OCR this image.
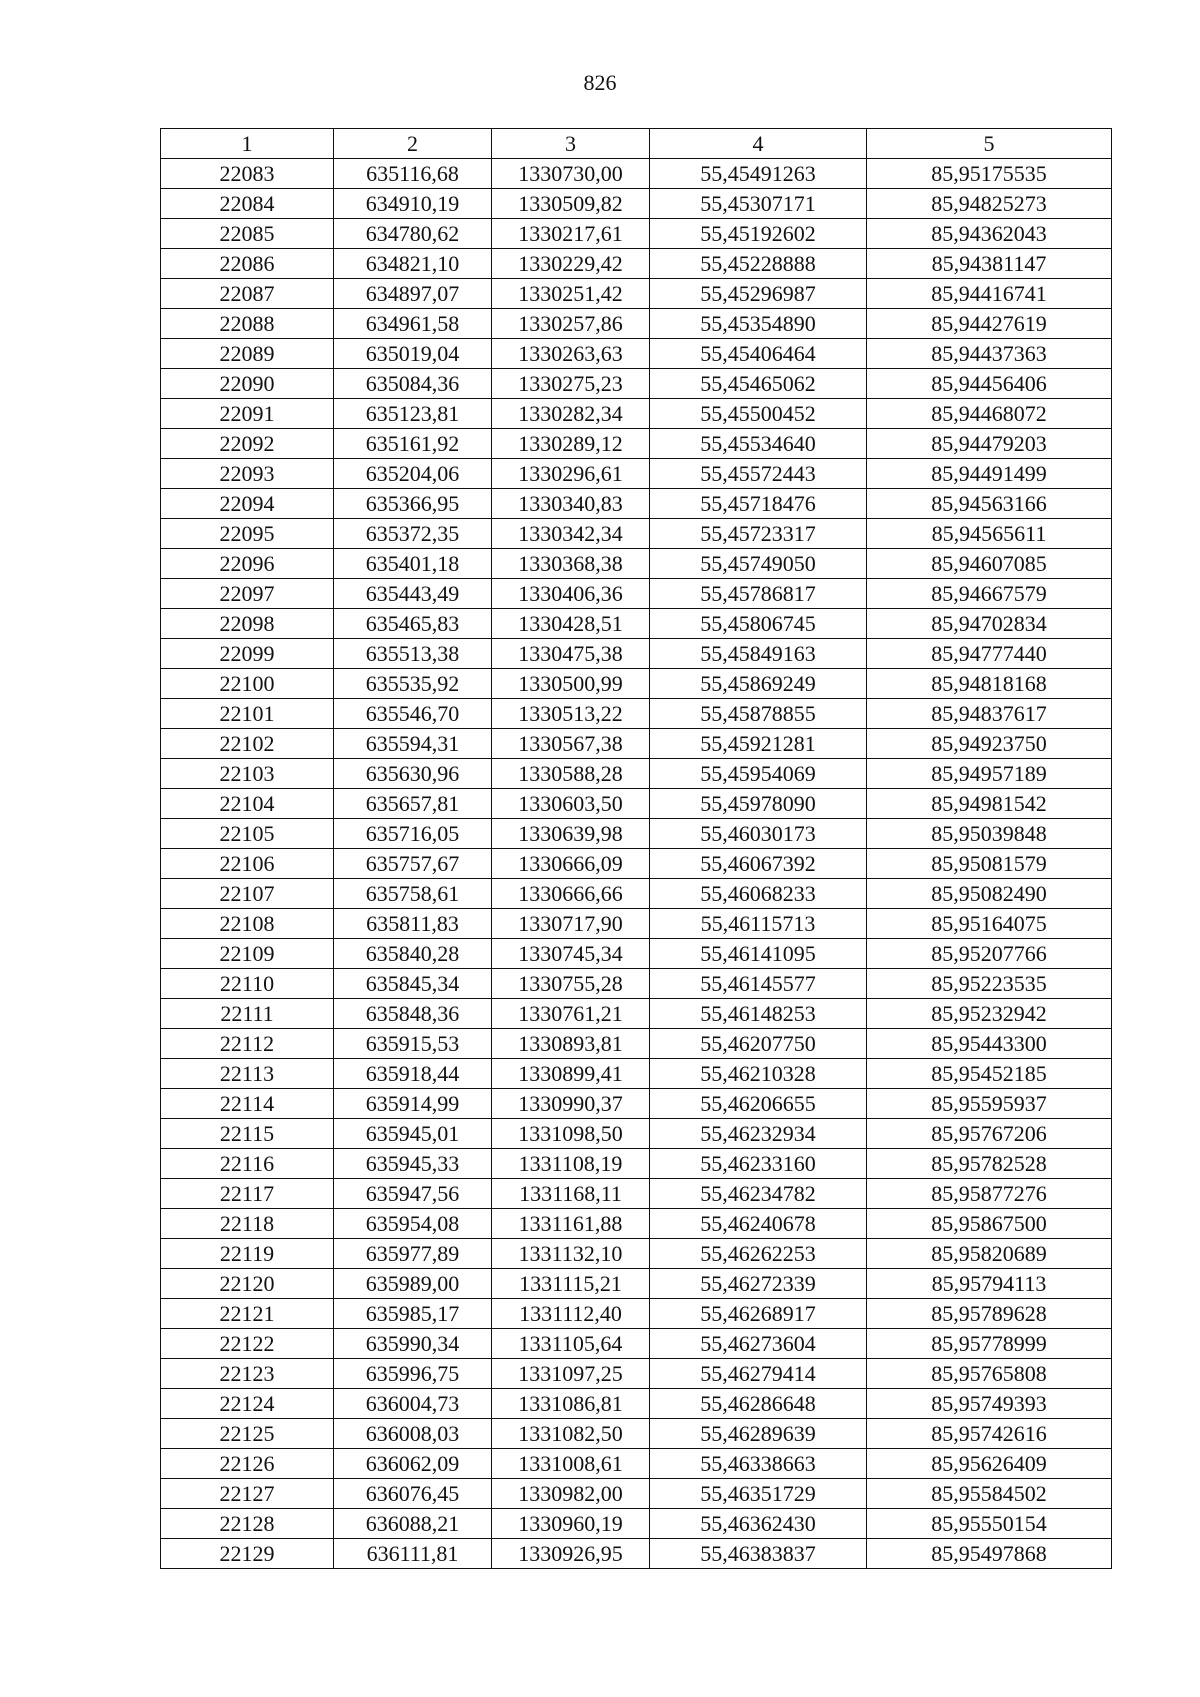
826
1	2	3	4	5
22083	635116,68	1330730,00	55,45491263	85,95175535
22084	634910,19	1330509,82	55,45307171	85,94825273
22085	634780,62	1330217,61	55,45192602	85,94362043
22086	634821,10	1330229,42	55,45228888	85,94381147
22087	634897,07	1330251,42	55,45296987	85,94416741
22088	634961,58	1330257,86	55,45354890	85,94427619
22089	635019,04	1330263,63	55,45406464	85,94437363
22090	635084,36	1330275,23	55,45465062	85,94456406
22091	635123,81	1330282,34	55,45500452	85,94468072
22092	635161,92	1330289,12	55,45534640	85,94479203
22093	635204,06	1330296,61	55,45572443	85,94491499
22094	635366,95	1330340,83	55,45718476	85,94563166
22095	635372,35	1330342,34	55,45723317	85,94565611
22096	635401,18	1330368,38	55,45749050	85,94607085
22097	635443,49	1330406,36	55,45786817	85,94667579
22098	635465,83	1330428,51	55,45806745	85,94702834
22099	635513,38	1330475,38	55,45849163	85,94777440
22100	635535,92	1330500,99	55,45869249	85,94818168
22101	635546,70	1330513,22	55,45878855	85,94837617
22102	635594,31	1330567,38	55,45921281	85,94923750
22103	635630,96	1330588,28	55,45954069	85,94957189
22104	635657,81	1330603,50	55,45978090	85,94981542
22105	635716,05	1330639,98	55,46030173	85,95039848
22106	635757,67	1330666,09	55,46067392	85,95081579
22107	635758,61	1330666,66	55,46068233	85,95082490
22108	635811,83	1330717,90	55,46115713	85,95164075
22109	635840,28	1330745,34	55,46141095	85,95207766
22110	635845,34	1330755,28	55,46145577	85,95223535
22111	635848,36	1330761,21	55,46148253	85,95232942
22112	635915,53	1330893,81	55,46207750	85,95443300
22113	635918,44	1330899,41	55,46210328	85,95452185
22114	635914,99	1330990,37	55,46206655	85,95595937
22115	635945,01	1331098,50	55,46232934	85,95767206
22116	635945,33	1331108,19	55,46233160	85,95782528
22117	635947,56	1331168,11	55,46234782	85,95877276
22118	635954,08	1331161,88	55,46240678	85,95867500
22119	635977,89	1331132,10	55,46262253	85,95820689
22120	635989,00	1331115,21	55,46272339	85,95794113
22121	635985,17	1331112,40	55,46268917	85,95789628
22122	635990,34	1331105,64	55,46273604	85,95778999
22123	635996,75	1331097,25	55,46279414	85,95765808
22124	636004,73	1331086,81	55,46286648	85,95749393
22125	636008,03	1331082,50	55,46289639	85,95742616
22126	636062,09	1331008,61	55,46338663	85,95626409
22127	636076,45	1330982,00	55,46351729	85,95584502
22128	636088,21	1330960,19	55,46362430	85,95550154
22129	636111,81	1330926,95	55,46383837	85,95497868
